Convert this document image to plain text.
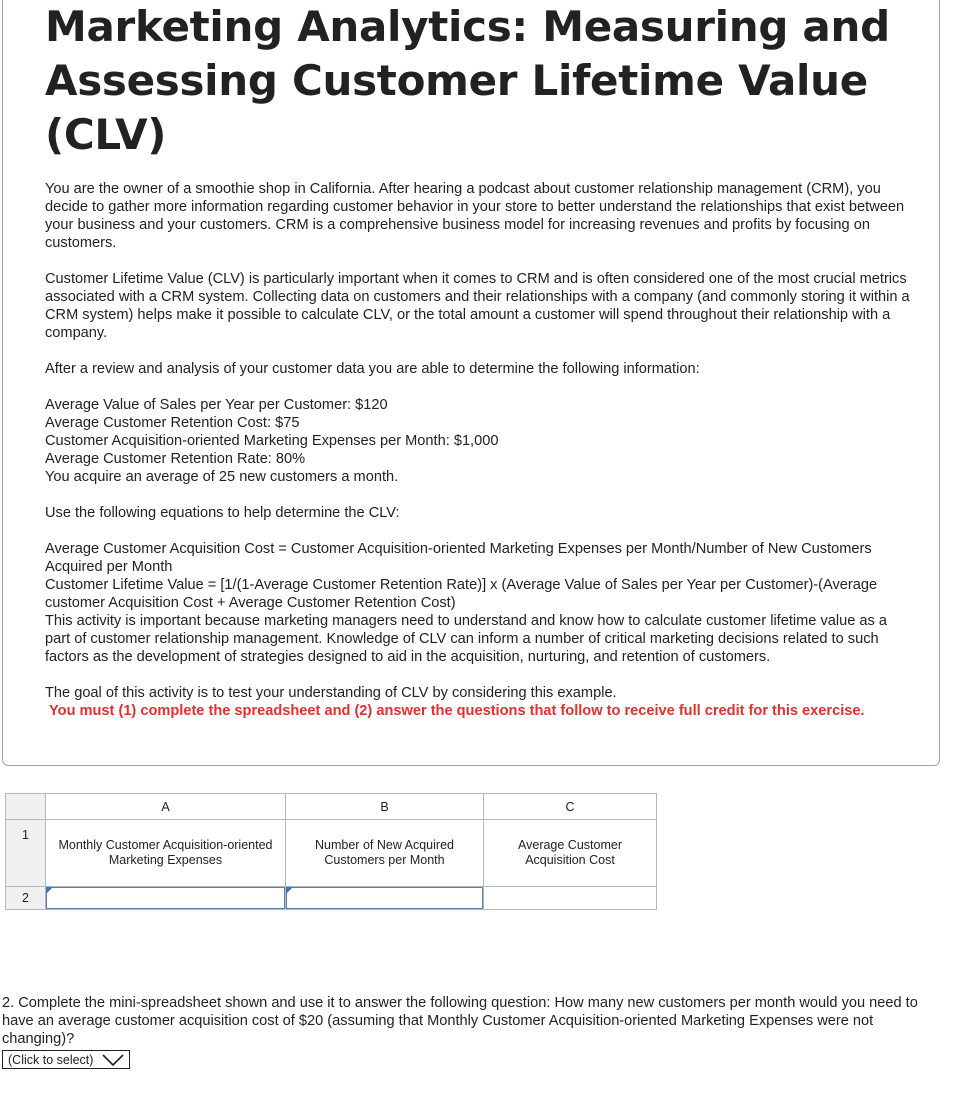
Marketing Analytics: Measuring and Assessing Customer Lifetime Value (CLV)

You are the owner of a smoothie shop in California. After hearing a podcast about customer relationship management (CRM), you decide to gather more information regarding customer behavior in your store to better understand the relationships that exist between your business and your customers. CRM is a comprehensive business model for increasing revenues and profits by focusing on customers.

Customer Lifetime Value (CLV) is particularly important when it comes to CRM and is often considered one of the most crucial metrics associated with a CRM system. Collecting data on customers and their relationships with a company (and commonly storing it within a CRM system) helps make it possible to calculate CLV, or the total amount a customer will spend throughout their relationship with a company.

After a review and analysis of your customer data you are able to determine the following information:

Average Value of Sales per Year per Customer: $120
Average Customer Retention Cost: $75
Customer Acquisition-oriented Marketing Expenses per Month: $1,000
Average Customer Retention Rate: 80%
You acquire an average of 25 new customers a month.

Use the following equations to help determine the CLV:

Average Customer Acquisition Cost = Customer Acquisition-oriented Marketing Expenses per Month/Number of New Customers Acquired per Month

Customer Lifetime Value = [1/(1-Average Customer Retention Rate)] x (Average Value of Sales per Year per Customer)-(Average customer Acquisition Cost + Average Customer Retention Cost)

This activity is important because marketing managers need to understand and know how to calculate customer lifetime value as a part of customer relationship management. Knowledge of CLV can inform a number of critical marketing decisions related to such factors as the development of strategies designed to aid in the acquisition, nurturing, and retention of customers.

The goal of this activity is to test your understanding of CLV by considering this example.

You must (1) complete the spreadsheet and (2) answer the questions that follow to receive full credit for this exercise.
	A	B	C
1	Monthly Customer Acquisition-oriented Marketing Expenses	Number of New Acquired Customers per Month	Average Customer Acquisition Cost
2	

2. Complete the mini-spreadsheet shown and use it to answer the following question: How many new customers per month would you need to have an average customer acquisition cost of $20 (assuming that Monthly Customer Acquisition-oriented Marketing Expenses were not changing)?

(Click to select)
